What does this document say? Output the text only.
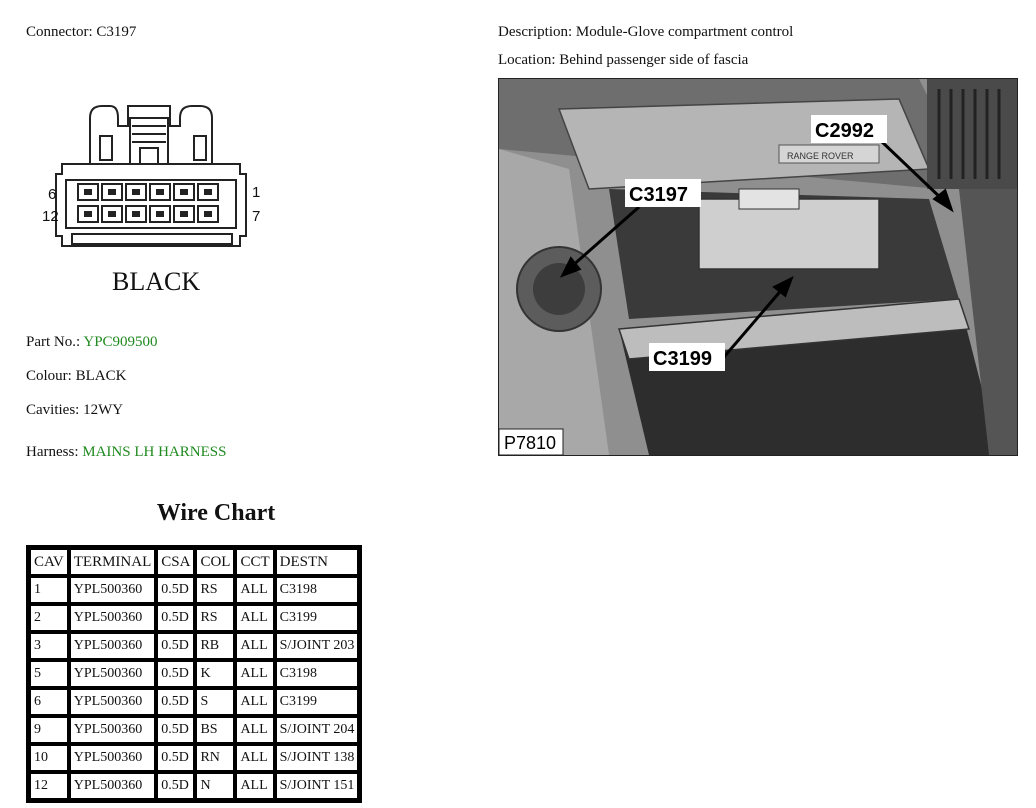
Connector: C3197	Description: Module-Glove compartment control
Location: Behind passenger side of fascia
6
12
1
7
BLACK
Part No.: YPC909500
Colour: BLACK
Cavities: 12WY
Harness: MAINS LH HARNESS
RANGE ROVER
C2992
C3197
C3199
P7810
Wire Chart
CAV	TERMINAL	CSA	COL	CCT	DESTN
1	YPL500360	0.5D	RS	ALL	C3198
2	YPL500360	0.5D	RS	ALL	C3199
3	YPL500360	0.5D	RB	ALL	S/JOINT 203
5	YPL500360	0.5D	K	ALL	C3198
6	YPL500360	0.5D	S	ALL	C3199
9	YPL500360	0.5D	BS	ALL	S/JOINT 204
10	YPL500360	0.5D	RN	ALL	S/JOINT 138
12	YPL500360	0.5D	N	ALL	S/JOINT 151
